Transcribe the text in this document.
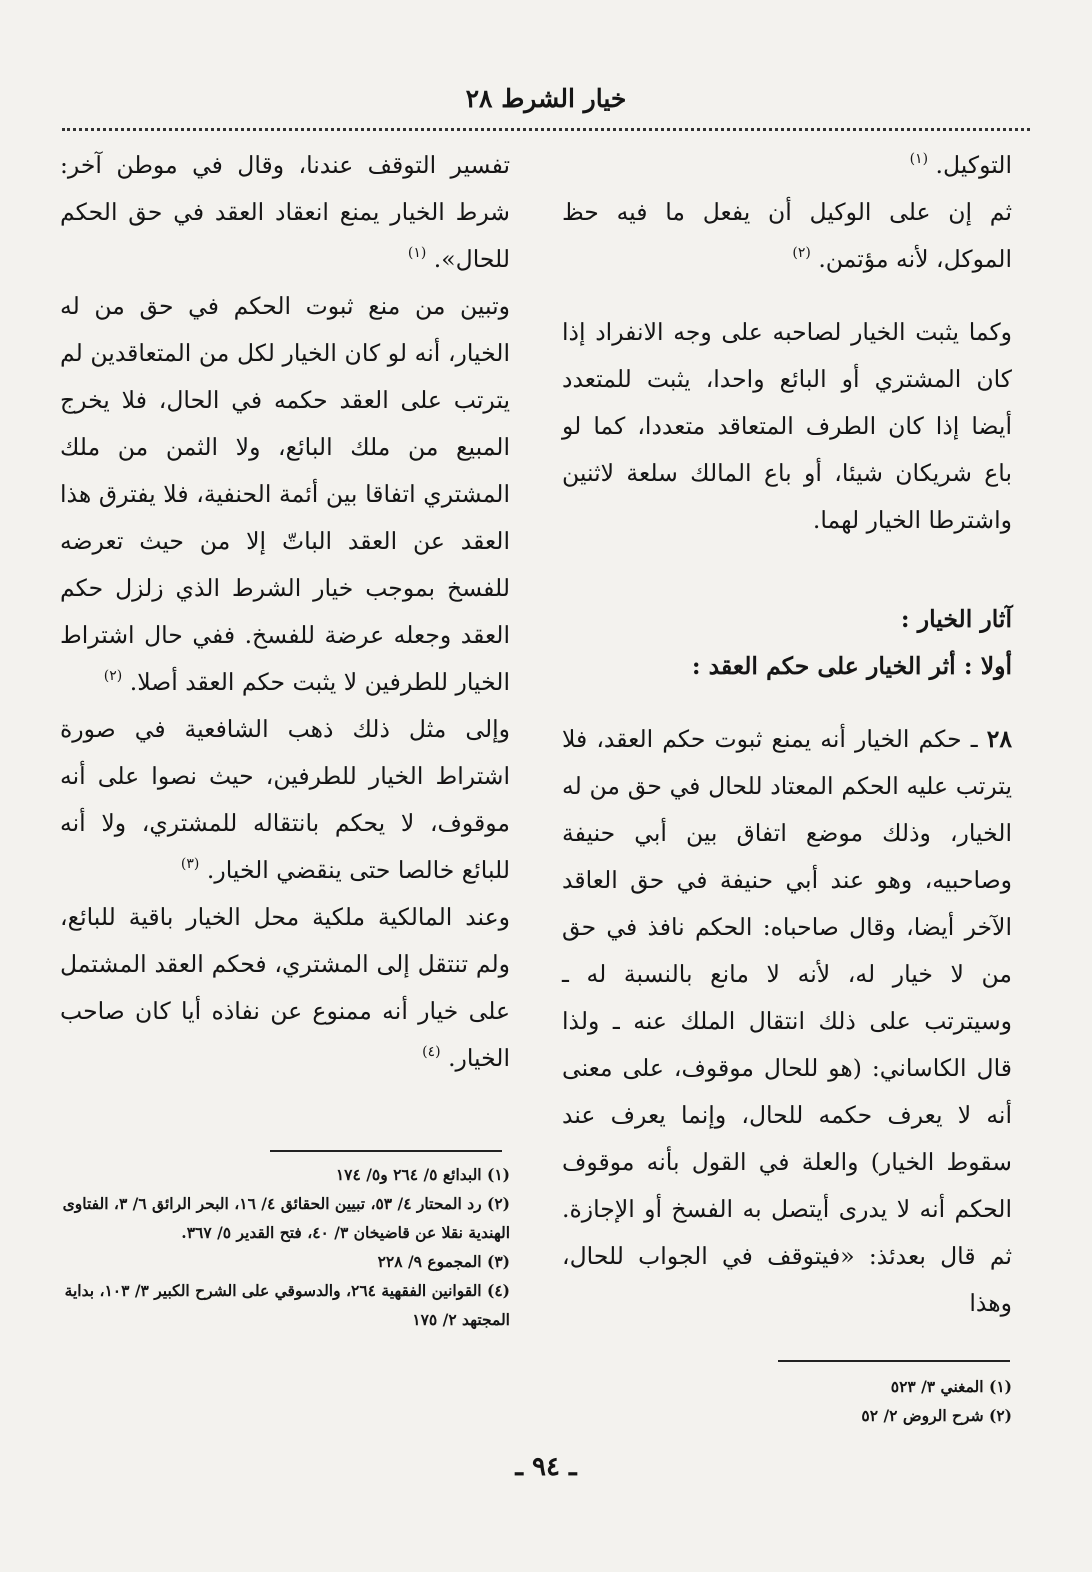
خيار الشرط ٢٨

التوكيل. $^{(١)}$

ثم إن على الوكيل أن يفعل ما فيه حظ الموكل، لأنه مؤتمن. $^{(٢)}$

وكما يثبت الخيار لصاحبه على وجه الانفراد إذا كان المشتري أو البائع واحدا، يثبت للمتعدد أيضا إذا كان الطرف المتعاقد متعددا، كما لو باع شريكان شيئا، أو باع المالك سلعة لاثنين واشترطا الخيار لهما.

آثار الخيار :

أولا : أثر الخيار على حكم العقد :

٢٨ ـ حكم الخيار أنه يمنع ثبوت حكم العقد، فلا يترتب عليه الحكم المعتاد للحال في حق من له الخيار، وذلك موضع اتفاق بين أبي حنيفة وصاحبيه، وهو عند أبي حنيفة في حق العاقد الآخر أيضا، وقال صاحباه: الحكم نافذ في حق من لا خيار له، لأنه لا مانع بالنسبة له ـ وسيترتب على ذلك انتقال الملك عنه ـ ولذا قال الكاساني: (هو للحال موقوف، على معنى أنه لا يعرف حكمه للحال، وإنما يعرف عند سقوط الخيار) والعلة في القول بأنه موقوف الحكم أنه لا يدرى أيتصل به الفسخ أو الإجازة. ثم قال بعدئذ: «فيتوقف في الجواب للحال، وهذا

تفسير التوقف عندنا، وقال في موطن آخر: شرط الخيار يمنع انعقاد العقد في حق الحكم للحال». $^{(١)}$

وتبين من منع ثبوت الحكم في حق من له الخيار، أنه لو كان الخيار لكل من المتعاقدين لم يترتب على العقد حكمه في الحال، فلا يخرج المبيع من ملك البائع، ولا الثمن من ملك المشتري اتفاقا بين أئمة الحنفية، فلا يفترق هذا العقد عن العقد الباتّ إلا من حيث تعرضه للفسخ بموجب خيار الشرط الذي زلزل حكم العقد وجعله عرضة للفسخ. ففي حال اشتراط الخيار للطرفين لا يثبت حكم العقد أصلا. $^{(٢)}$

وإلى مثل ذلك ذهب الشافعية في صورة اشتراط الخيار للطرفين، حيث نصوا على أنه موقوف، لا يحكم بانتقاله للمشتري، ولا أنه للبائع خالصا حتى ينقضي الخيار. $^{(٣)}$

وعند المالكية ملكية محل الخيار باقية للبائع، ولم تنتقل إلى المشتري، فحكم العقد المشتمل على خيار أنه ممنوع عن نفاذه أيا كان صاحب الخيار. $^{(٤)}$

(١) البدائع ٥/ ٢٦٤ و٥/ ١٧٤
(٢) رد المحتار ٤/ ٥٣، تبيين الحقائق ٤/ ١٦، البحر الرائق ٦/ ٣، الفتاوى الهندية نقلا عن قاضيخان ٣/ ٤٠، فتح القدير ٥/ ٣٦٧.
(٣) المجموع ٩/ ٢٢٨
(٤) القوانين الفقهية ٢٦٤، والدسوقي على الشرح الكبير ٣/ ١٠٣، بداية المجتهد ٢/ ١٧٥
(١) المغني ٣/ ٥٢٣
(٢) شرح الروض ٢/ ٥٢
ـ ٩٤ ـ
